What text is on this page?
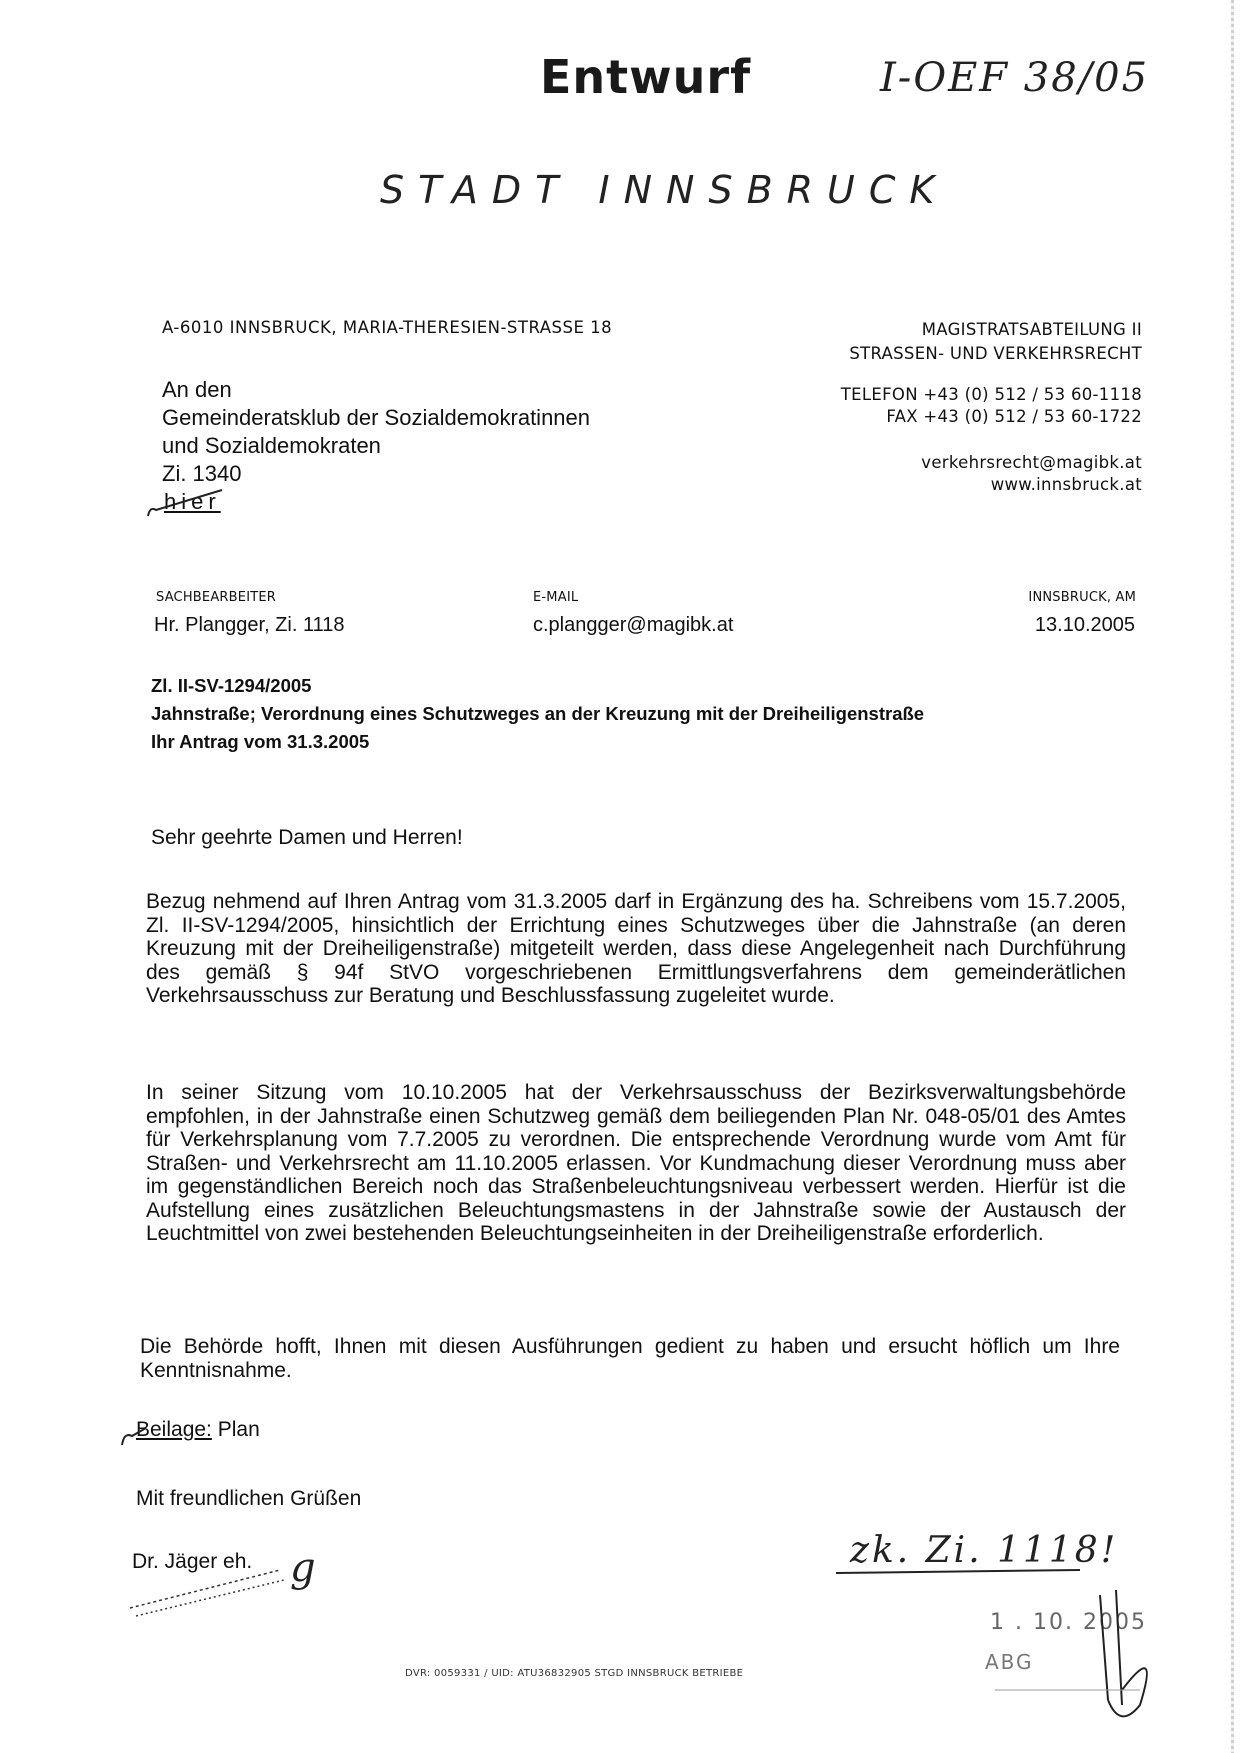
Entwurf	I-OEF 38/05
STADT INNSBRUCK
A-6010 INNSBRUCK, MARIA-THERESIEN-STRASSE 18	MAGISTRATSABTEILUNG II
STRASSEN- UND VERKEHRSRECHT
An den
Gemeinderatsklub der Sozialdemokratinnen
und Sozialdemokraten
Zi. 1340
hier
TELEFON +43 (0) 512 / 53 60-1118
FAX +43 (0) 512 / 53 60-1722
verkehrsrecht@magibk.at
www.innsbruck.at
SACHBEARBEITER
Hr. Plangger, Zi. 1118
E-MAIL
c.plangger@magibk.at
INNSBRUCK, AM
13.10.2005
Zl. II-SV-1294/2005
Jahnstraße; Verordnung eines Schutzweges an der Kreuzung mit der Dreiheiligenstraße
Ihr Antrag vom 31.3.2005
Sehr geehrte Damen und Herren!
Bezug nehmend auf Ihren Antrag vom 31.3.2005 darf in Ergänzung des ha. Schreibens vom 15.7.2005, Zl. II-SV-1294/2005, hinsichtlich der Errichtung eines Schutzweges über die Jahnstraße (an deren Kreuzung mit der Dreiheiligenstraße) mitgeteilt werden, dass diese Angelegenheit nach Durchführung des gemäß § 94f StVO vorgeschriebenen Ermittlungsverfahrens dem gemeinderätlichen Verkehrsausschuss zur Beratung und Beschlussfassung zugeleitet wurde.
In seiner Sitzung vom 10.10.2005 hat der Verkehrsausschuss der Bezirksverwaltungsbehörde empfohlen, in der Jahnstraße einen Schutzweg gemäß dem beiliegenden Plan Nr. 048-05/01 des Amtes für Verkehrsplanung vom 7.7.2005 zu verordnen. Die entsprechende Verordnung wurde vom Amt für Straßen- und Verkehrsrecht am 11.10.2005 erlassen. Vor Kundmachung dieser Verordnung muss aber im gegenständlichen Bereich noch das Straßenbeleuchtungsniveau verbessert werden. Hierfür ist die Aufstellung eines zusätzlichen Beleuchtungsmastens in der Jahnstraße sowie der Austausch der Leuchtmittel von zwei bestehenden Beleuchtungseinheiten in der Dreiheiligenstraße erforderlich.
Die Behörde hofft, Ihnen mit diesen Ausführungen gedient zu haben und ersucht höflich um Ihre Kenntnisnahme.
Beilage: Plan
Mit freundlichen Grüßen
Dr. Jäger eh. g	zk. Zi. 1118!
1 . 10. 2005
ABG
DVR: 0059331 / UID: ATU36832905 STGD INNSBRUCK BETRIEBE
